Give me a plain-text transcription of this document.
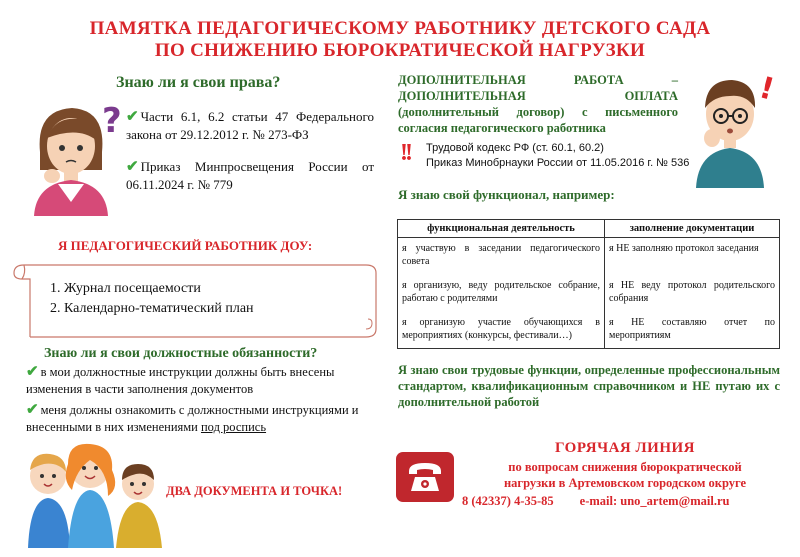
ПАМЯТКА ПЕДАГОГИЧЕСКОМУ РАБОТНИКУ ДЕТСКОГО САДА
ПО СНИЖЕНИЮ БЮРОКРАТИЧЕСКОЙ НАГРУЗКИ
Знаю ли я свои права?
? ✔ Части 6.1, 6.2 статьи 47 Федерального закона от 29.12.2012 г. № 273-ФЗ
✔ Приказ Минпросвещения России от 06.11.2024 г. № 779
ДОПОЛНИТЕЛЬНАЯ	РАБОТА	–
ДОПОЛНИТЕЛЬНАЯ ОПЛАТА (дополнительный договор) с письменного согласия педагогического работника
!
!! Трудовой кодекс РФ (ст. 60.1, 60.2)
Приказ Минобрнауки России от 11.05.2016 г. № 536
Я знаю свой функционал, например:
функциональная деятельность	заполнение документации
я участвую в заседании педагогического совета	я НЕ заполняю протокол заседания
я организую, веду родительское собрание, работаю с родителями	я НЕ веду протокол родительского собрания
я организую участие обучающихся в мероприятиях (конкурсы, фестивали…)	я НЕ составляю отчет по мероприятиям
Я ПЕДАГОГИЧЕСКИЙ РАБОТНИК ДОУ:
1. Журнал посещаемости
2. Календарно-тематический план
Знаю ли я свои должностные обязанности?
✔ в мои должностные инструкции должны быть внесены изменения в части заполнения документов
✔ меня должны ознакомить с должностными инструкциями и внесенными в них изменениями под роспись
Я знаю свои трудовые функции, определенные профессиональным стандартом, квалификационным справочником и НЕ путаю их с дополнительной работой
ДВА ДОКУМЕНТА И ТОЧКА!
ГОРЯЧАЯ ЛИНИЯ
по вопросам снижения бюрократической
нагрузки в Артемовском городском округе
8 (42337) 4-35-85 e-mail: uno_artem@mail.ru
